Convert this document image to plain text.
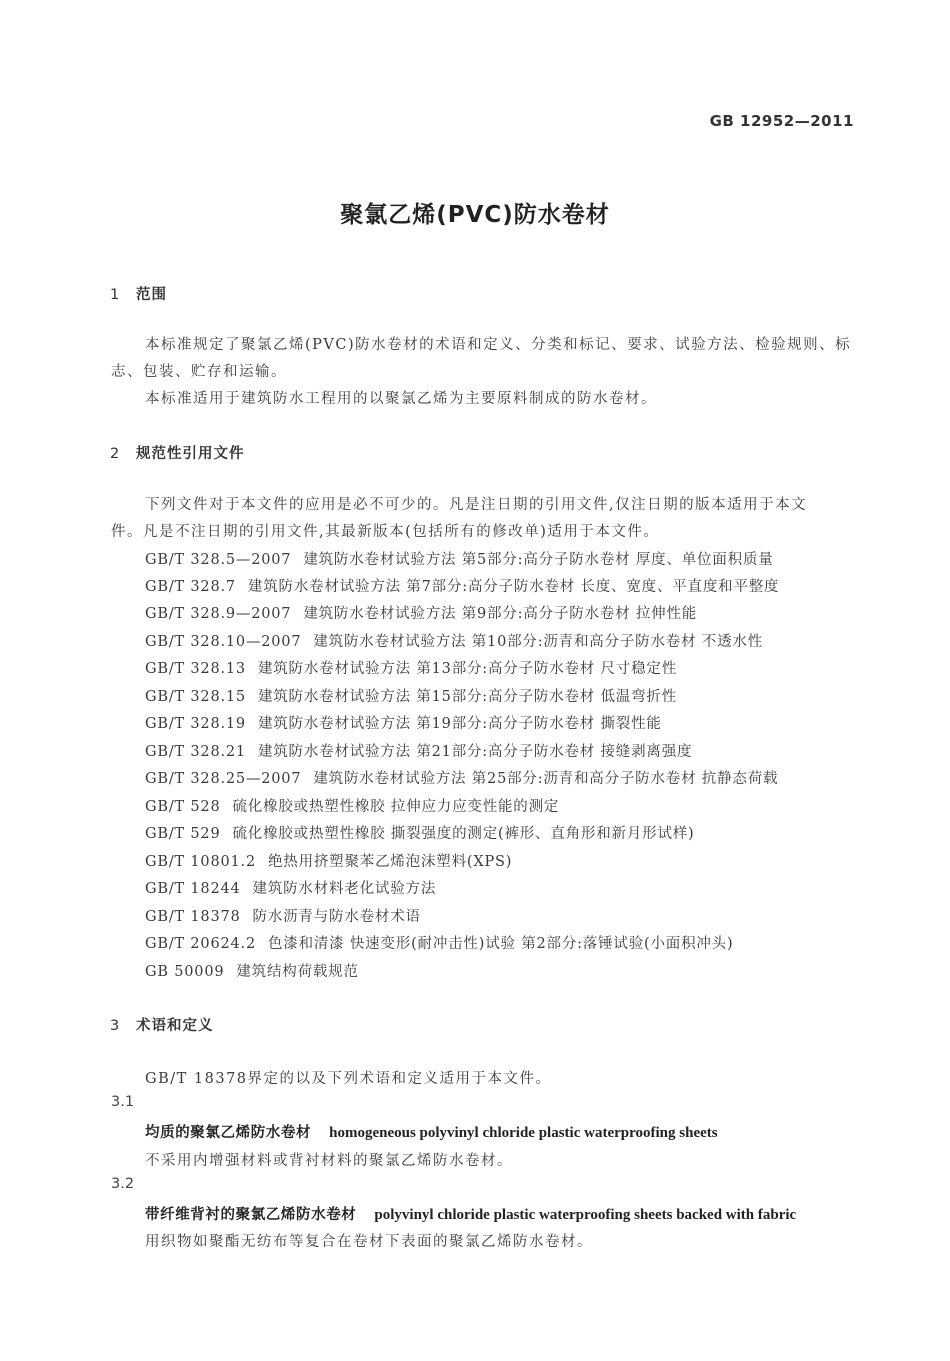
GB 12952—2011
聚氯乙烯(PVC)防水卷材
1 范围
本标准规定了聚氯乙烯(PVC)防水卷材的术语和定义、分类和标记、要求、试验方法、检验规则、标
志、包装、贮存和运输。
本标准适用于建筑防水工程用的以聚氯乙烯为主要原料制成的防水卷材。
2 规范性引用文件
下列文件对于本文件的应用是必不可少的。凡是注日期的引用文件,仅注日期的版本适用于本文
件。凡是不注日期的引用文件,其最新版本(包括所有的修改单)适用于本文件。
GB/T 328.5—2007 建筑防水卷材试验方法 第5部分:高分子防水卷材 厚度、单位面积质量
GB/T 328.7 建筑防水卷材试验方法 第7部分:高分子防水卷材 长度、宽度、平直度和平整度
GB/T 328.9—2007 建筑防水卷材试验方法 第9部分:高分子防水卷材 拉伸性能
GB/T 328.10—2007 建筑防水卷材试验方法 第10部分:沥青和高分子防水卷材 不透水性
GB/T 328.13 建筑防水卷材试验方法 第13部分:高分子防水卷材 尺寸稳定性
GB/T 328.15 建筑防水卷材试验方法 第15部分:高分子防水卷材 低温弯折性
GB/T 328.19 建筑防水卷材试验方法 第19部分:高分子防水卷材 撕裂性能
GB/T 328.21 建筑防水卷材试验方法 第21部分:高分子防水卷材 接缝剥离强度
GB/T 328.25—2007 建筑防水卷材试验方法 第25部分:沥青和高分子防水卷材 抗静态荷载
GB/T 528 硫化橡胶或热塑性橡胶 拉伸应力应变性能的测定
GB/T 529 硫化橡胶或热塑性橡胶 撕裂强度的测定(裤形、直角形和新月形试样)
GB/T 10801.2 绝热用挤塑聚苯乙烯泡沫塑料(XPS)
GB/T 18244 建筑防水材料老化试验方法
GB/T 18378 防水沥青与防水卷材术语
GB/T 20624.2 色漆和清漆 快速变形(耐冲击性)试验 第2部分:落锤试验(小面积冲头)
GB 50009 建筑结构荷载规范
3 术语和定义
GB/T 18378界定的以及下列术语和定义适用于本文件。
3.1
均质的聚氯乙烯防水卷材 homogeneous polyvinyl chloride plastic waterproofing sheets
不采用内增强材料或背衬材料的聚氯乙烯防水卷材。
3.2
带纤维背衬的聚氯乙烯防水卷材 polyvinyl chloride plastic waterproofing sheets backed with fabric
用织物如聚酯无纺布等复合在卷材下表面的聚氯乙烯防水卷材。
